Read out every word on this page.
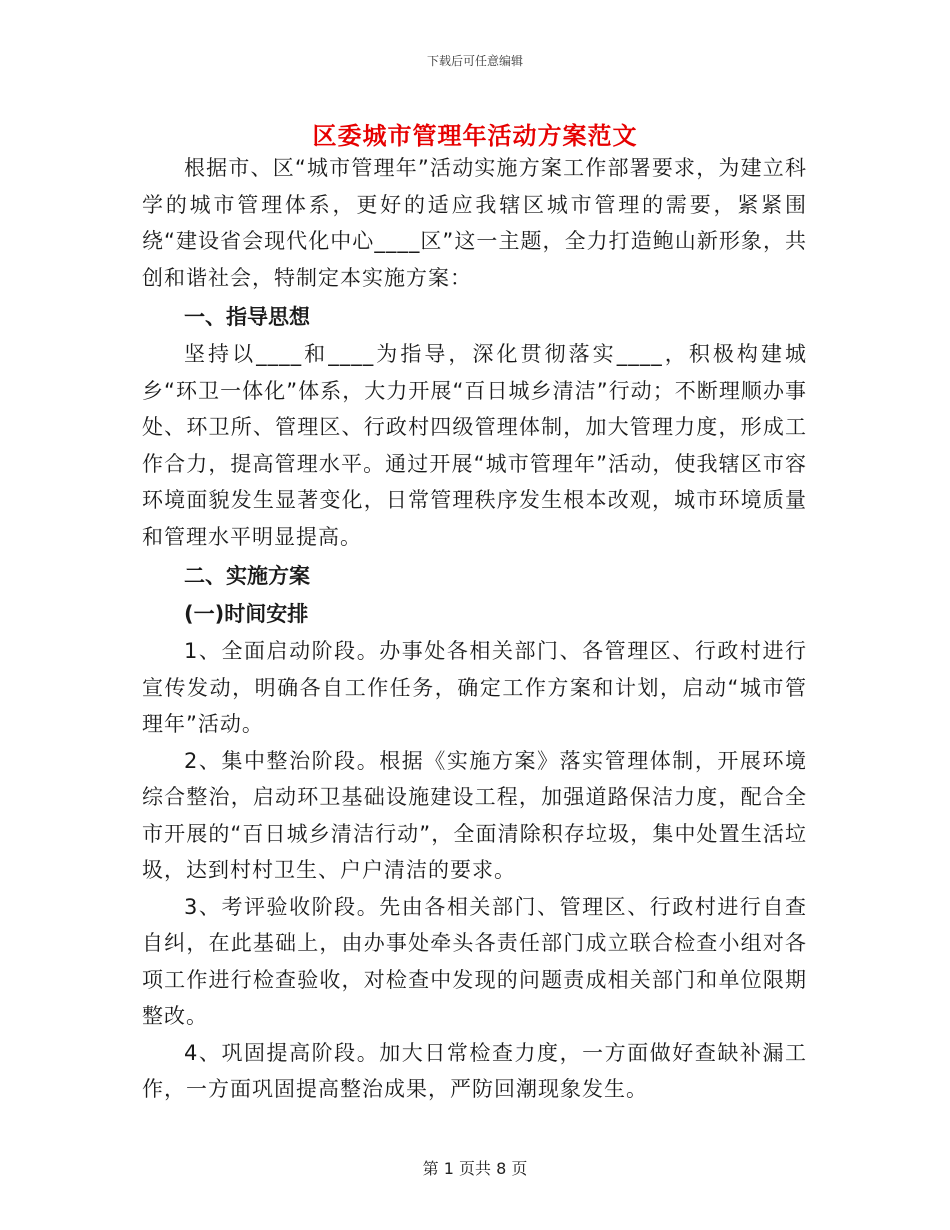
下载后可任意编辑
区委城市管理年活动方案范文

根据市、区“城市管理年”活动实施方案工作部署要求，为建立科学的城市管理体系，更好的适应我辖区城市管理的需要，紧紧围绕“建设省会现代化中心____区”这一主题，全力打造鲍山新形象，共创和谐社会，特制定本实施方案：

一、指导思想

坚持以____和____为指导，深化贯彻落实____，积极构建城乡“环卫一体化”体系，大力开展“百日城乡清洁”行动；不断理顺办事处、环卫所、管理区、行政村四级管理体制，加大管理力度，形成工作合力，提高管理水平。通过开展“城市管理年”活动，使我辖区市容环境面貌发生显著变化，日常管理秩序发生根本改观，城市环境质量和管理水平明显提高。

二、实施方案
(一)时间安排

1、全面启动阶段。办事处各相关部门、各管理区、行政村进行宣传发动，明确各自工作任务，确定工作方案和计划，启动“城市管理年”活动。

2、集中整治阶段。根据《实施方案》落实管理体制，开展环境综合整治，启动环卫基础设施建设工程，加强道路保洁力度，配合全市开展的“百日城乡清洁行动”，全面清除积存垃圾，集中处置生活垃圾，达到村村卫生、户户清洁的要求。

3、考评验收阶段。先由各相关部门、管理区、行政村进行自查自纠，在此基础上，由办事处牵头各责任部门成立联合检查小组对各项工作进行检查验收，对检查中发现的问题责成相关部门和单位限期整改。

4、巩固提高阶段。加大日常检查力度，一方面做好查缺补漏工作，一方面巩固提高整治成果，严防回潮现象发生。

第 1 页共 8 页
